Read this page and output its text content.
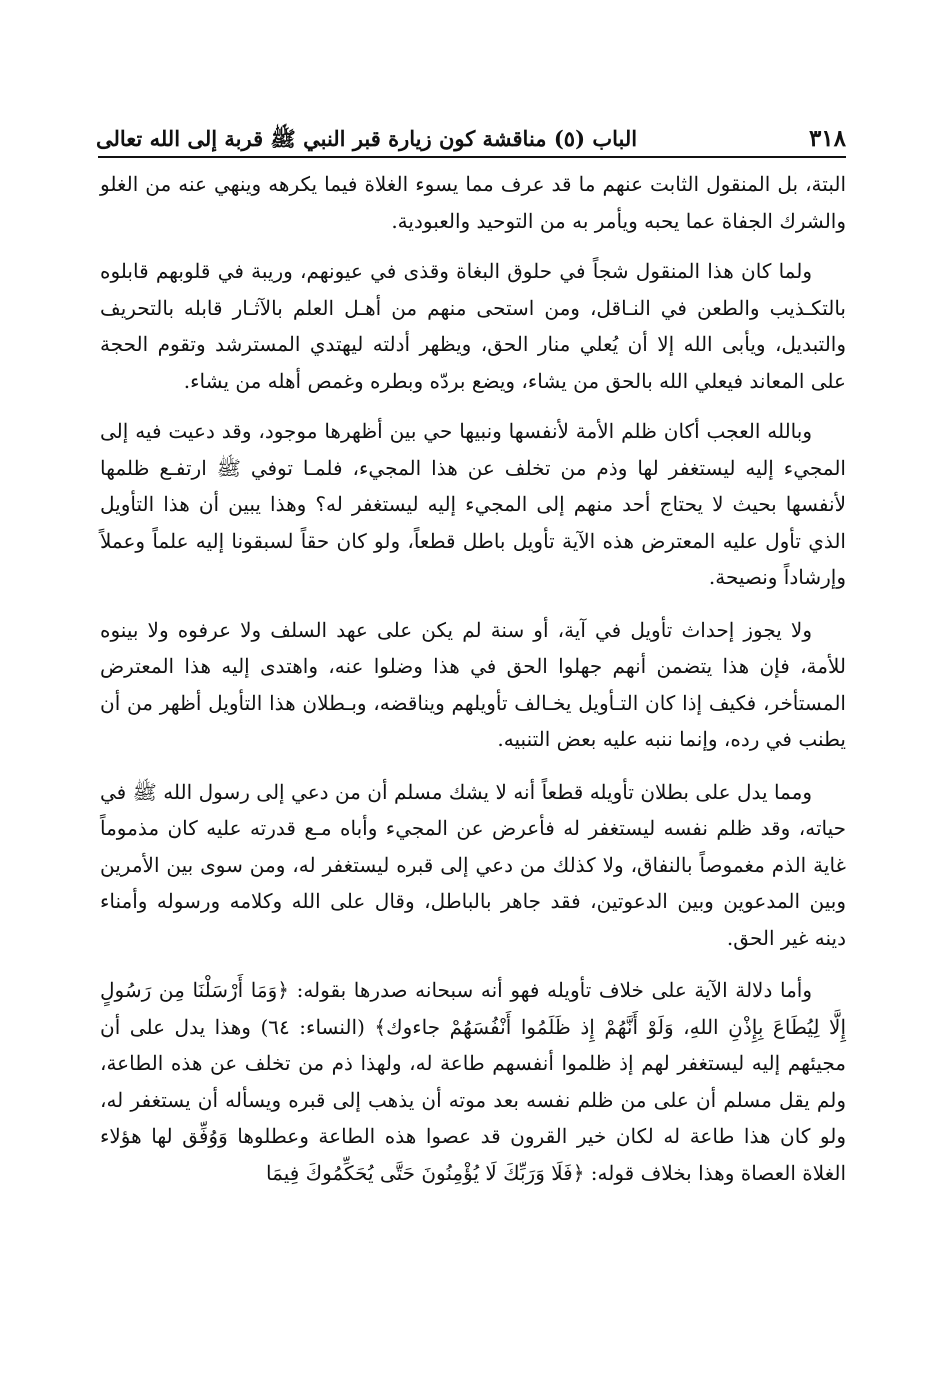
٣١٨
الباب (٥) مناقشة كون زيارة قبر النبي ﷺ قربة إلى الله تعالى

البتة، بل المنقول الثابت عنهم ما قد عرف مما يسوء الغلاة فيما يكرهه وينهي عنه من الغلو والشرك الجفاة عما يحبه ويأمر به من التوحيد والعبودية.

ولما كان هذا المنقول شجاً في حلوق البغاة وقذى في عيونهم، وريبة في قلوبهم قابلوه بالتكـذيب والطعن في النـاقل، ومن استحى منهم من أهـل العلم بالآثـار قابله بالتحريف والتبديل، ويأبى الله إلا أن يُعلي منار الحق، ويظهر أدلته ليهتدي المسترشد وتقوم الحجة على المعاند فيعلي الله بالحق من يشاء، ويضع بردّه وبطره وغمص أهله من يشاء.

وبالله العجب أكان ظلم الأمة لأنفسها ونبيها حي بين أظهرها موجود، وقد دعيت فيه إلى المجيء إليه ليستغفر لها وذم من تخلف عن هذا المجيء، فلمـا توفي ﷺ ارتفـع ظلمها لأنفسها بحيث لا يحتاج أحد منهم إلى المجيء إليه ليستغفر له؟ وهذا يبين أن هذا التأويل الذي تأول عليه المعترض هذه الآية تأويل باطل قطعاً، ولو كان حقاً لسبقونا إليه علماً وعملاً وإرشاداً ونصيحة.

ولا يجوز إحداث تأويل في آية، أو سنة لم يكن على عهد السلف ولا عرفوه ولا بينوه للأمة، فإن هذا يتضمن أنهم جهلوا الحق في هذا وضلوا عنه، واهتدى إليه هذا المعترض المستأخر، فكيف إذا كان التـأويل يخـالف تأويلهم ويناقضه، وبـطلان هذا التأويل أظهر من أن يطنب في رده، وإنما ننبه عليه بعض التنبيه.

ومما يدل على بطلان تأويله قطعاً أنه لا يشك مسلم أن من دعي إلى رسول الله ﷺ في حياته، وقد ظلم نفسه ليستغفر له فأعرض عن المجيء وأباه مـع قدرته عليه كان مذموماً غاية الذم مغموصاً بالنفاق، ولا كذلك من دعي إلى قبره ليستغفر له، ومن سوى بين الأمرين وبين المدعوين وبين الدعوتين، فقد جاهر بالباطل، وقال على الله وكلامه ورسوله وأمناء دينه غير الحق.

وأما دلالة الآية على خلاف تأويله فهو أنه سبحانه صدرها بقوله: ﴿وَمَا أَرْسَلْنَا مِن رَسُولٍ إِلَّا لِيُطَاعَ بِإِذْنِ اللهِ، وَلَوْ أَنَّهُمْ إِذ ظَلَمُوا أَنْفُسَهُمْ جاءوك﴾ (النساء: ٦٤) وهذا يدل على أن مجيئهم إليه ليستغفر لهم إذ ظلموا أنفسهم طاعة له، ولهذا ذم من تخلف عن هذه الطاعة، ولم يقل مسلم أن على من ظلم نفسه بعد موته أن يذهب إلى قبره ويسأله أن يستغفر له، ولو كان هذا طاعة له لكان خير القرون قد عصوا هذه الطاعة وعطلوها وَوُفِّق لها هؤلاء الغلاة العصاة وهذا بخلاف قوله: ﴿فَلَا وَرَبِّكَ لَا يُؤْمِنُونَ حَتَّى يُحَكِّمُوكَ فِيمَا
